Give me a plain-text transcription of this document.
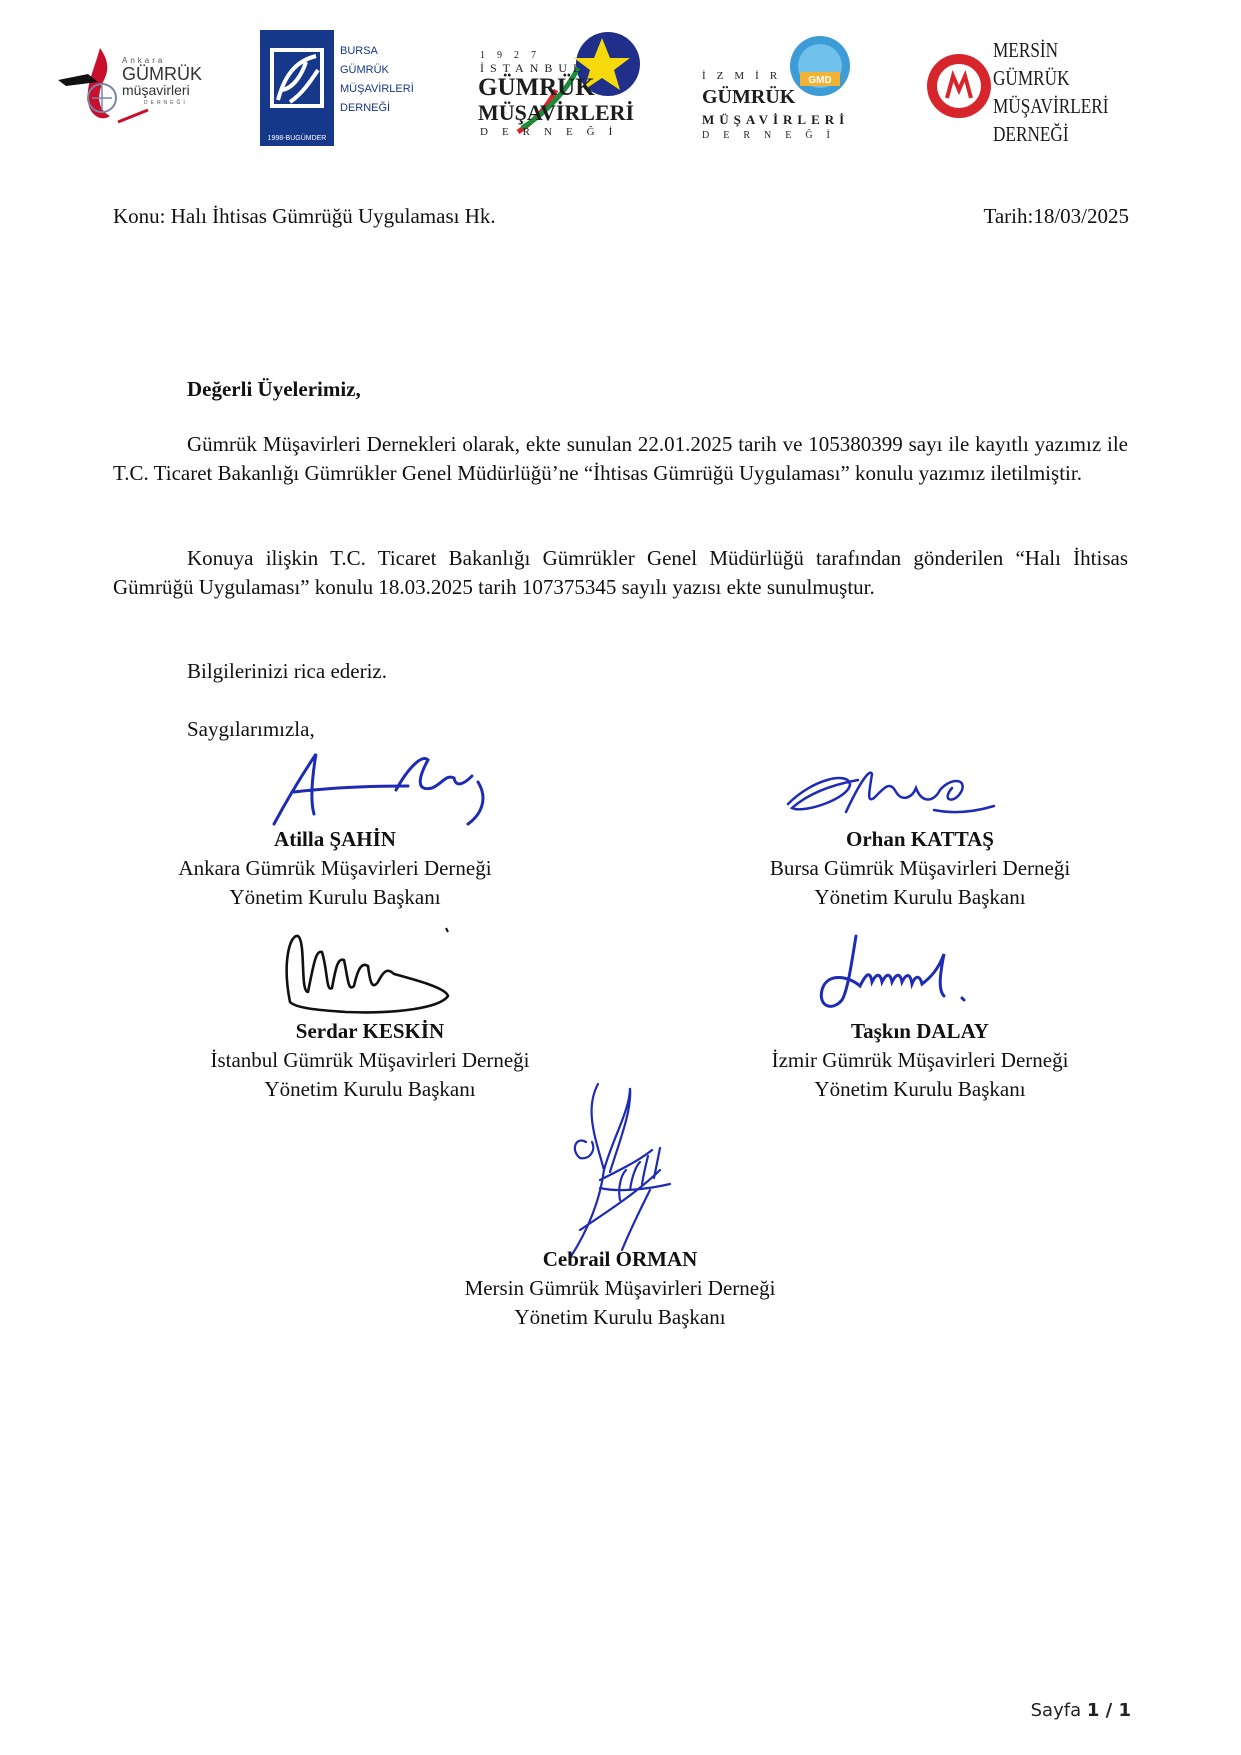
Ankara
GÜMRÜK
müşavirleri
DERNEĞİ
1998-BUGÜMDER
BURSA
GÜMRÜK
MÜŞAVİRLERİ
DERNEĞİ
1927
İSTANBUL
GÜMRÜK
MÜŞAVİRLERİ
DERNEĞİ
GMD
İZMİR
GÜMRÜK
MÜŞAVİRLERİ
DERNEĞİ
MERSİN
GÜMRÜK
MÜŞAVİRLERİ
DERNEĞİ
Konu: Halı İhtisas Gümrüğü Uygulaması Hk.	Tarih:18/03/2025
Değerli Üyelerimiz,

Gümrük Müşavirleri Dernekleri olarak, ekte sunulan 22.01.2025 tarih ve 105380399 sayı ile kayıtlı yazımız ile T.C. Ticaret Bakanlığı Gümrükler Genel Müdürlüğü’ne “İhtisas Gümrüğü Uygulaması” konulu yazımız iletilmiştir.

Konuya ilişkin T.C. Ticaret Bakanlığı Gümrükler Genel Müdürlüğü tarafından gönderilen “Halı İhtisas Gümrüğü Uygulaması” konulu 18.03.2025 tarih 107375345 sayılı yazısı ekte sunulmuştur.

Bilgilerinizi rica ederiz.
Saygılarımızla,
Atilla ŞAHİN
Ankara Gümrük Müşavirleri Derneği
Yönetim Kurulu Başkanı
Orhan KATTAŞ
Bursa Gümrük Müşavirleri Derneği
Yönetim Kurulu Başkanı
Serdar KESKİN
İstanbul Gümrük Müşavirleri Derneği
Yönetim Kurulu Başkanı
Taşkın DALAY
İzmir Gümrük Müşavirleri Derneği
Yönetim Kurulu Başkanı
Cebrail ORMAN
Mersin Gümrük Müşavirleri Derneği
Yönetim Kurulu Başkanı
Sayfa 1 / 1
